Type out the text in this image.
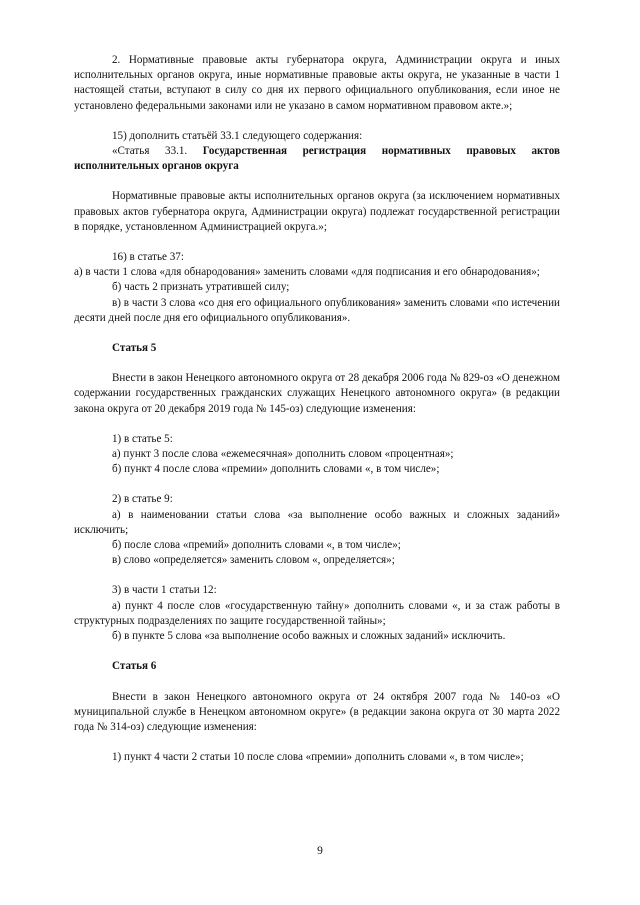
2. Нормативные правовые акты губернатора округа, Администрации округа и иных исполнительных органов округа, иные нормативные правовые акты округа, не указанные в части 1 настоящей статьи, вступают в силу со дня их первого официального опубликования, если иное не установлено федеральными законами или не указано в самом нормативном правовом акте.»;

15) дополнить статьёй 33.1 следующего содержания:

«Статья 33.1. Государственная регистрация нормативных правовых актов исполнительных органов округа

Нормативные правовые акты исполнительных органов округа (за исключением нормативных правовых актов губернатора округа, Администрации округа) подлежат государственной регистрации в порядке, установленном Администрацией округа.»;

16) в статье 37:

а) в части 1 слова «для обнародования» заменить словами «для подписания и его обнародования»;

б) часть 2 признать утратившей силу;

в) в части 3 слова «со дня его официального опубликования» заменить словами «по истечении десяти дней после дня его официального опубликования».

Статья 5

Внести в закон Ненецкого автономного округа от 28 декабря 2006 года № 829-оз «О денежном содержании государственных гражданских служащих Ненецкого автономного округа» (в редакции закона округа от 20 декабря 2019 года № 145-оз) следующие изменения:

1) в статье 5:

а) пункт 3 после слова «ежемесячная» дополнить словом «процентная»;

б) пункт 4 после слова «премии» дополнить словами «, в том числе»;

2) в статье 9:

а) в наименовании статьи слова «за выполнение особо важных и сложных заданий» исключить;

б) после слова «премий» дополнить словами «, в том числе»;

в) слово «определяется» заменить словом «, определяется»;

3) в части 1 статьи 12:

а) пункт 4 после слов «государственную тайну» дополнить словами «, и за стаж работы в структурных подразделениях по защите государственной тайны»;

б) в пункте 5 слова «за выполнение особо важных и сложных заданий» исключить.

Статья 6

Внести в закон Ненецкого автономного округа от 24 октября 2007 года № 140-оз «О муниципальной службе в Ненецком автономном округе» (в редакции закона округа от 30 марта 2022 года № 314-оз) следующие изменения:

1) пункт 4 части 2 статьи 10 после слова «премии» дополнить словами «, в том числе»;

9
